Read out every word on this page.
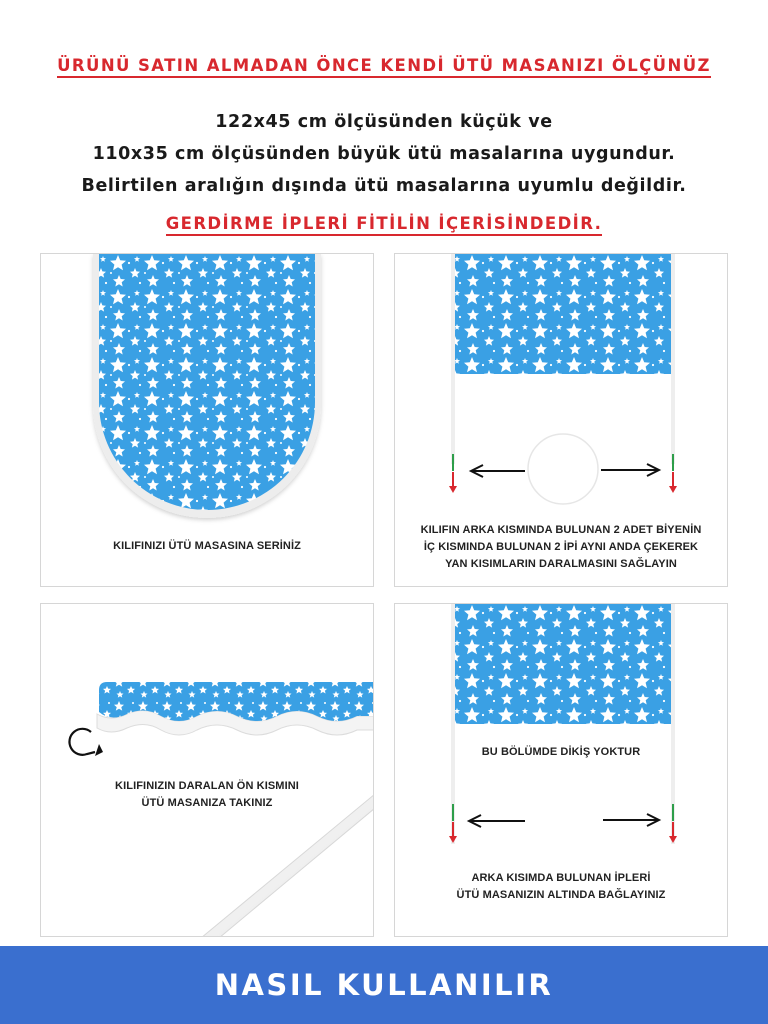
ÜRÜNÜ SATIN ALMADAN ÖNCE KENDİ ÜTÜ MASANIZI ÖLÇÜNÜZ
122x45 cm ölçüsünden küçük ve
110x35 cm ölçüsünden büyük ütü masalarına uygundur.
Belirtilen aralığın dışında ütü masalarına uyumlu değildir.
GERDİRME İPLERİ FİTİLİN İÇERİSİNDEDİR.
KILIFINIZI ÜTÜ MASASINA SERİNİZ
KILIFIN ARKA KISMINDA BULUNAN 2 ADET BİYENİN
İÇ KISMINDA BULUNAN 2 İPİ AYNI ANDA ÇEKEREK
YAN KISIMLARIN DARALMASINI SAĞLAYIN
KILIFINIZIN DARALAN ÖN KISMINI
ÜTÜ MASANIZA TAKINIZ
BU BÖLÜMDE DİKİŞ YOKTUR
ARKA KISIMDA BULUNAN İPLERİ
ÜTÜ MASANIZIN ALTINDA BAĞLAYINIZ
NASIL KULLANILIR
